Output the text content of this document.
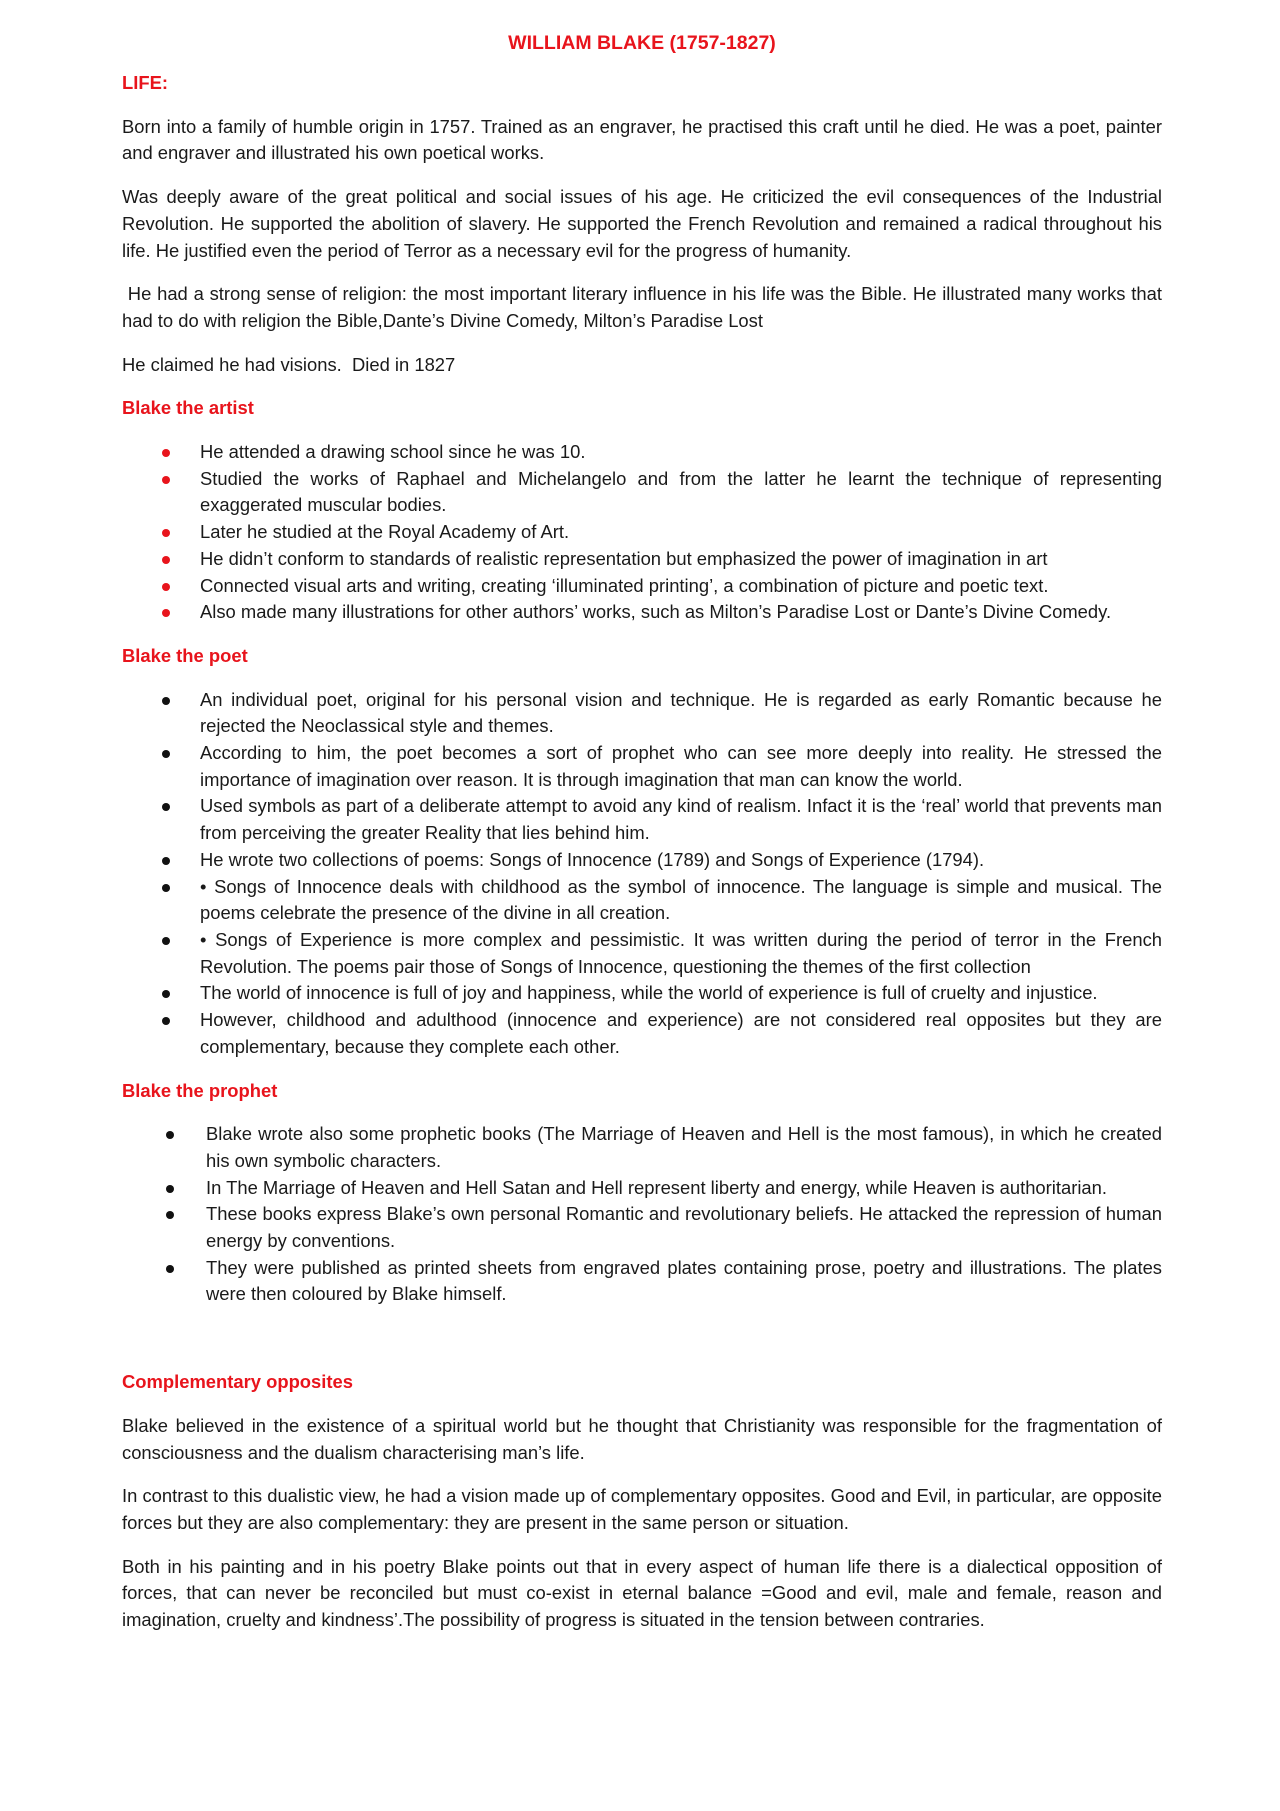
WILLIAM BLAKE (1757-1827)
LIFE:

Born into a family of humble origin in 1757. Trained as an engraver, he practised this craft until he died. He was a poet, painter and engraver and illustrated his own poetical works.

Was deeply aware of the great political and social issues of his age. He criticized the evil consequences of the Industrial Revolution. He supported the abolition of slavery. He supported the French Revolution and remained a radical throughout his life. He justified even the period of Terror as a necessary evil for the progress of humanity.

He had a strong sense of religion: the most important literary influence in his life was the Bible. He illustrated many works that had to do with religion the Bible,Dante’s Divine Comedy, Milton’s Paradise Lost

He claimed he had visions.  Died in 1827

Blake the artist
He attended a drawing school since he was 10.
Studied the works of Raphael and Michelangelo and from the latter he learnt the technique of representing exaggerated muscular bodies.
Later he studied at the Royal Academy of Art.
He didn’t conform to standards of realistic representation but emphasized the power of imagination in art
Connected visual arts and writing, creating ‘illuminated printing’, a combination of picture and poetic text.
Also made many illustrations for other authors’ works, such as Milton’s Paradise Lost or Dante’s Divine Comedy.
Blake the poet
An individual poet, original for his personal vision and technique. He is regarded as early Romantic because he rejected the Neoclassical style and themes.
According to him, the poet becomes a sort of prophet who can see more deeply into reality. He stressed the importance of imagination over reason. It is through imagination that man can know the world.
Used symbols as part of a deliberate attempt to avoid any kind of realism. Infact it is the ‘real’ world that prevents man from perceiving the greater Reality that lies behind him.
He wrote two collections of poems: Songs of Innocence (1789) and Songs of Experience (1794).
• Songs of Innocence deals with childhood as the symbol of innocence. The language is simple and musical. The poems celebrate the presence of the divine in all creation.
• Songs of Experience is more complex and pessimistic. It was written during the period of terror in the French Revolution. The poems pair those of Songs of Innocence, questioning the themes of the first collection
The world of innocence is full of joy and happiness, while the world of experience is full of cruelty and injustice.
However, childhood and adulthood (innocence and experience) are not considered real opposites but they are complementary, because they complete each other.
Blake the prophet
Blake wrote also some prophetic books (The Marriage of Heaven and Hell is the most famous), in which he created his own symbolic characters.
In The Marriage of Heaven and Hell Satan and Hell represent liberty and energy, while Heaven is authoritarian.
These books express Blake’s own personal Romantic and revolutionary beliefs. He attacked the repression of human energy by conventions.
They were published as printed sheets from engraved plates containing prose, poetry and illustrations. The plates were then coloured by Blake himself.
Complementary opposites

Blake believed in the existence of a spiritual world but he thought that Christianity was responsible for the fragmentation of consciousness and the dualism characterising man’s life.

In contrast to this dualistic view, he had a vision made up of complementary opposites. Good and Evil, in particular, are opposite forces but they are also complementary: they are present in the same person or situation.

Both in his painting and in his poetry Blake points out that in every aspect of human life there is a dialectical opposition of forces, that can never be reconciled but must co-exist in eternal balance =Good and evil, male and female, reason and imagination, cruelty and kindness’.The possibility of progress is situated in the tension between contraries.
